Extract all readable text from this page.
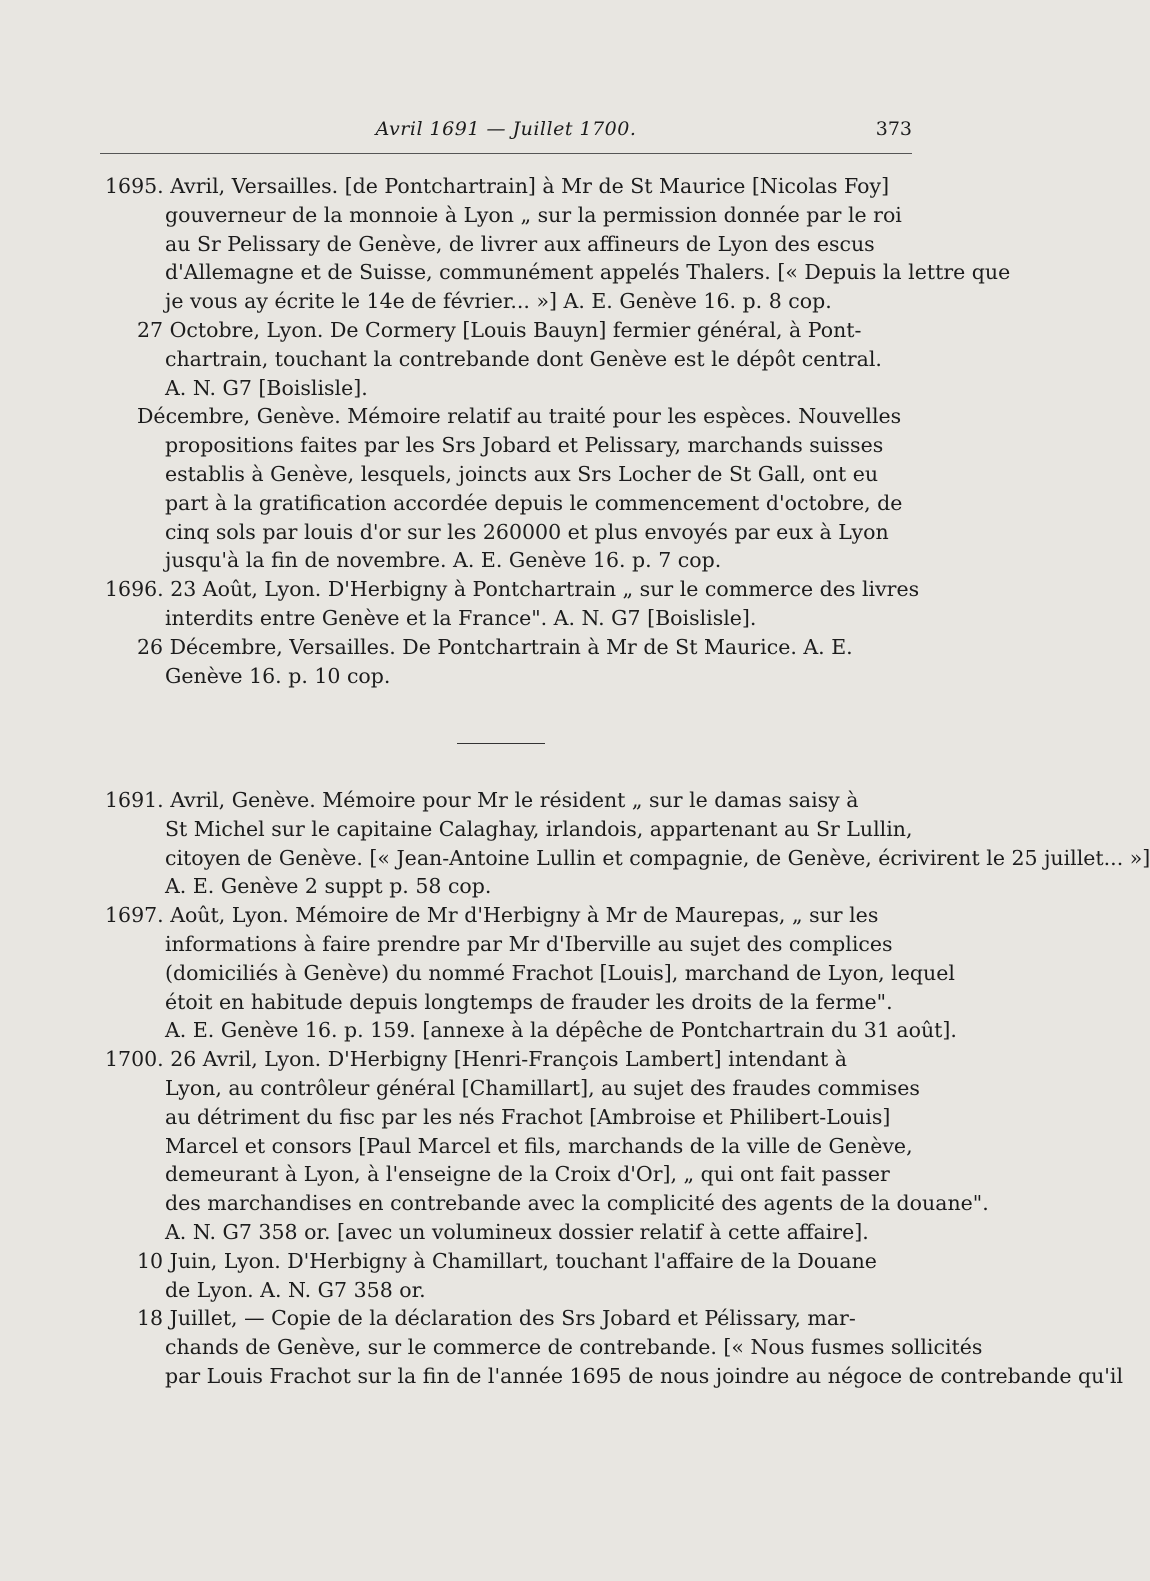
Avril 1691 — Juillet 1700.	373
1695. Avril, Versailles. [de Pontchartrain] à Mr de St Maurice [Nicolas Foy]
gouverneur de la monnoie à Lyon „ sur la permission donnée par le roi
au Sr Pelissary de Genève, de livrer aux affineurs de Lyon des escus
d'Allemagne et de Suisse, communément appelés Thalers. [« Depuis la lettre que
je vous ay écrite le 14e de février... »] A. E. Genève 16. p. 8 cop.
27 Octobre, Lyon. De Cormery [Louis Bauyn] fermier général, à Pont-
chartrain, touchant la contrebande dont Genève est le dépôt central.
A. N. G7 [Boislisle].
Décembre, Genève. Mémoire relatif au traité pour les espèces. Nouvelles
propositions faites par les Srs Jobard et Pelissary, marchands suisses
establis à Genève, lesquels, joincts aux Srs Locher de St Gall, ont eu
part à la gratification accordée depuis le commencement d'octobre, de
cinq sols par louis d'or sur les 260000 et plus envoyés par eux à Lyon
jusqu'à la fin de novembre. A. E. Genève 16. p. 7 cop.
1696. 23 Août, Lyon. D'Herbigny à Pontchartrain „ sur le commerce des livres
interdits entre Genève et la France". A. N. G7 [Boislisle].
26 Décembre, Versailles. De Pontchartrain à Mr de St Maurice. A. E.
Genève 16. p. 10 cop.
1691. Avril, Genève. Mémoire pour Mr le résident „ sur le damas saisy à
St Michel sur le capitaine Calaghay, irlandois, appartenant au Sr Lullin,
citoyen de Genève. [« Jean-Antoine Lullin et compagnie, de Genève, écrivirent le 25 juillet... »]
A. E. Genève 2 suppt p. 58 cop.
1697. Août, Lyon. Mémoire de Mr d'Herbigny à Mr de Maurepas, „ sur les
informations à faire prendre par Mr d'Iberville au sujet des complices
(domiciliés à Genève) du nommé Frachot [Louis], marchand de Lyon, lequel
étoit en habitude depuis longtemps de frauder les droits de la ferme".
A. E. Genève 16. p. 159. [annexe à la dépêche de Pontchartrain du 31 août].
1700. 26 Avril, Lyon. D'Herbigny [Henri-François Lambert] intendant à
Lyon, au contrôleur général [Chamillart], au sujet des fraudes commises
au détriment du fisc par les nés Frachot [Ambroise et Philibert-Louis]
Marcel et consors [Paul Marcel et fils, marchands de la ville de Genève,
demeurant à Lyon, à l'enseigne de la Croix d'Or], „ qui ont fait passer
des marchandises en contrebande avec la complicité des agents de la douane".
A. N. G7 358 or. [avec un volumineux dossier relatif à cette affaire].
10 Juin, Lyon. D'Herbigny à Chamillart, touchant l'affaire de la Douane
de Lyon. A. N. G7 358 or.
18 Juillet, — Copie de la déclaration des Srs Jobard et Pélissary, mar-
chands de Genève, sur le commerce de contrebande. [« Nous fusmes sollicités
par Louis Frachot sur la fin de l'année 1695 de nous joindre au négoce de contrebande qu'il
